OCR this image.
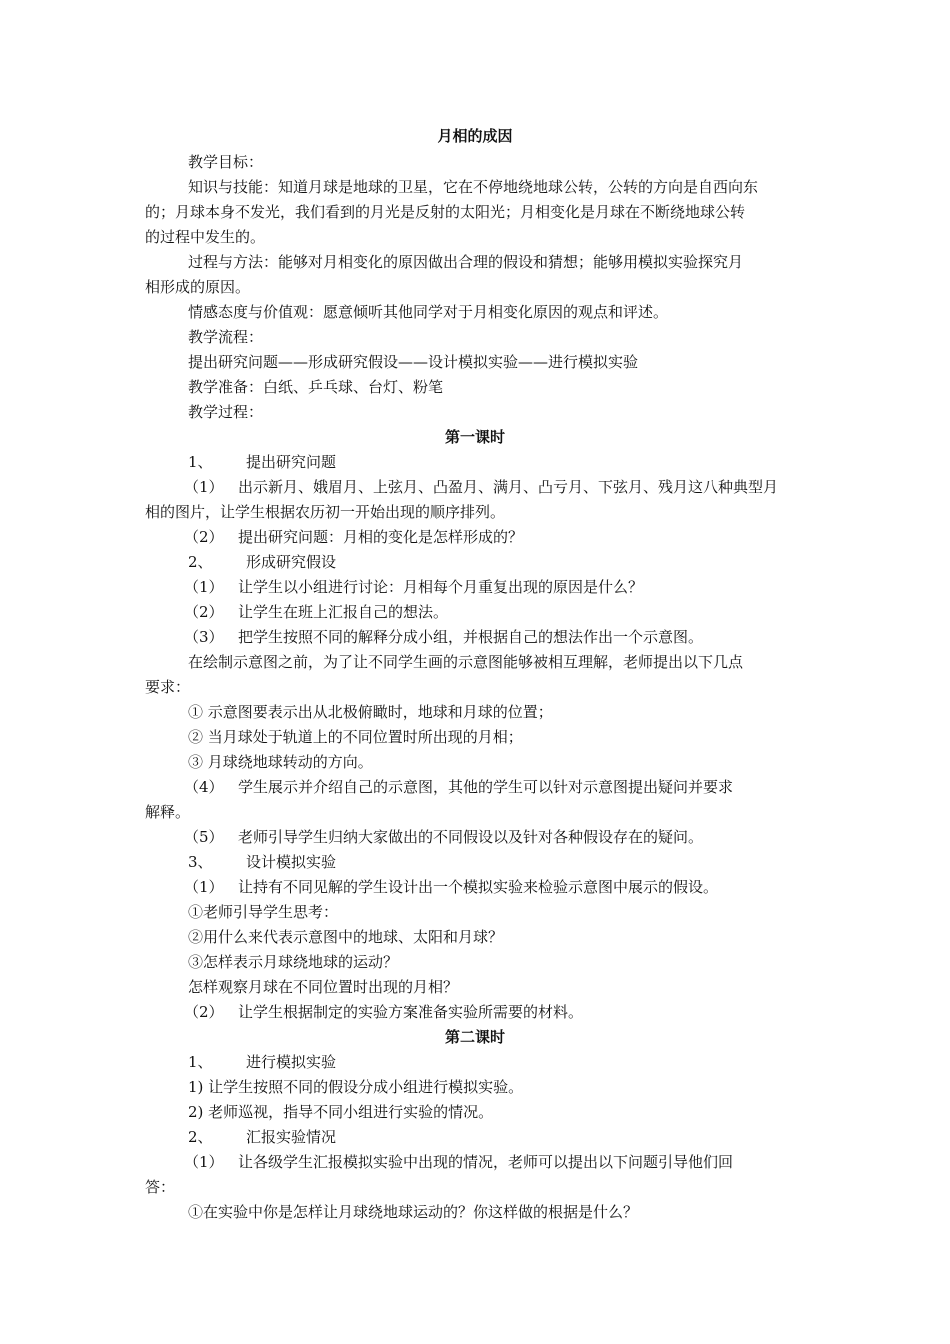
月相的成因
教学目标：
知识与技能：知道月球是地球的卫星，它在不停地绕地球公转，公转的方向是自西向东
的；月球本身不发光，我们看到的月光是反射的太阳光；月相变化是月球在不断绕地球公转
的过程中发生的。
过程与方法：能够对月相变化的原因做出合理的假设和猜想；能够用模拟实验探究月
相形成的原因。
情感态度与价值观：愿意倾听其他同学对于月相变化原因的观点和评述。
教学流程：
提出研究问题——形成研究假设——设计模拟实验——进行模拟实验
教学准备：白纸、乒乓球、台灯、粉笔
教学过程：
第一课时
1、 提出研究问题
（1） 出示新月、娥眉月、上弦月、凸盈月、满月、凸亏月、下弦月、残月这八种典型月
相的图片，让学生根据农历初一开始出现的顺序排列。
（2） 提出研究问题：月相的变化是怎样形成的？
2、 形成研究假设
（1） 让学生以小组进行讨论：月相每个月重复出现的原因是什么？
（2） 让学生在班上汇报自己的想法。
（3） 把学生按照不同的解释分成小组，并根据自己的想法作出一个示意图。
在绘制示意图之前，为了让不同学生画的示意图能够被相互理解，老师提出以下几点
要求：
① 示意图要表示出从北极俯瞰时，地球和月球的位置；
② 当月球处于轨道上的不同位置时所出现的月相；
③ 月球绕地球转动的方向。
（4） 学生展示并介绍自己的示意图，其他的学生可以针对示意图提出疑问并要求
解释。
（5） 老师引导学生归纳大家做出的不同假设以及针对各种假设存在的疑问。
3、 设计模拟实验
（1） 让持有不同见解的学生设计出一个模拟实验来检验示意图中展示的假设。
①老师引导学生思考：
②用什么来代表示意图中的地球、太阳和月球？
③怎样表示月球绕地球的运动？
怎样观察月球在不同位置时出现的月相？
（2） 让学生根据制定的实验方案准备实验所需要的材料。
第二课时
1、 进行模拟实验
1) 让学生按照不同的假设分成小组进行模拟实验。
2) 老师巡视，指导不同小组进行实验的情况。
2、 汇报实验情况
（1） 让各级学生汇报模拟实验中出现的情况，老师可以提出以下问题引导他们回
答：
①在实验中你是怎样让月球绕地球运动的？你这样做的根据是什么？
